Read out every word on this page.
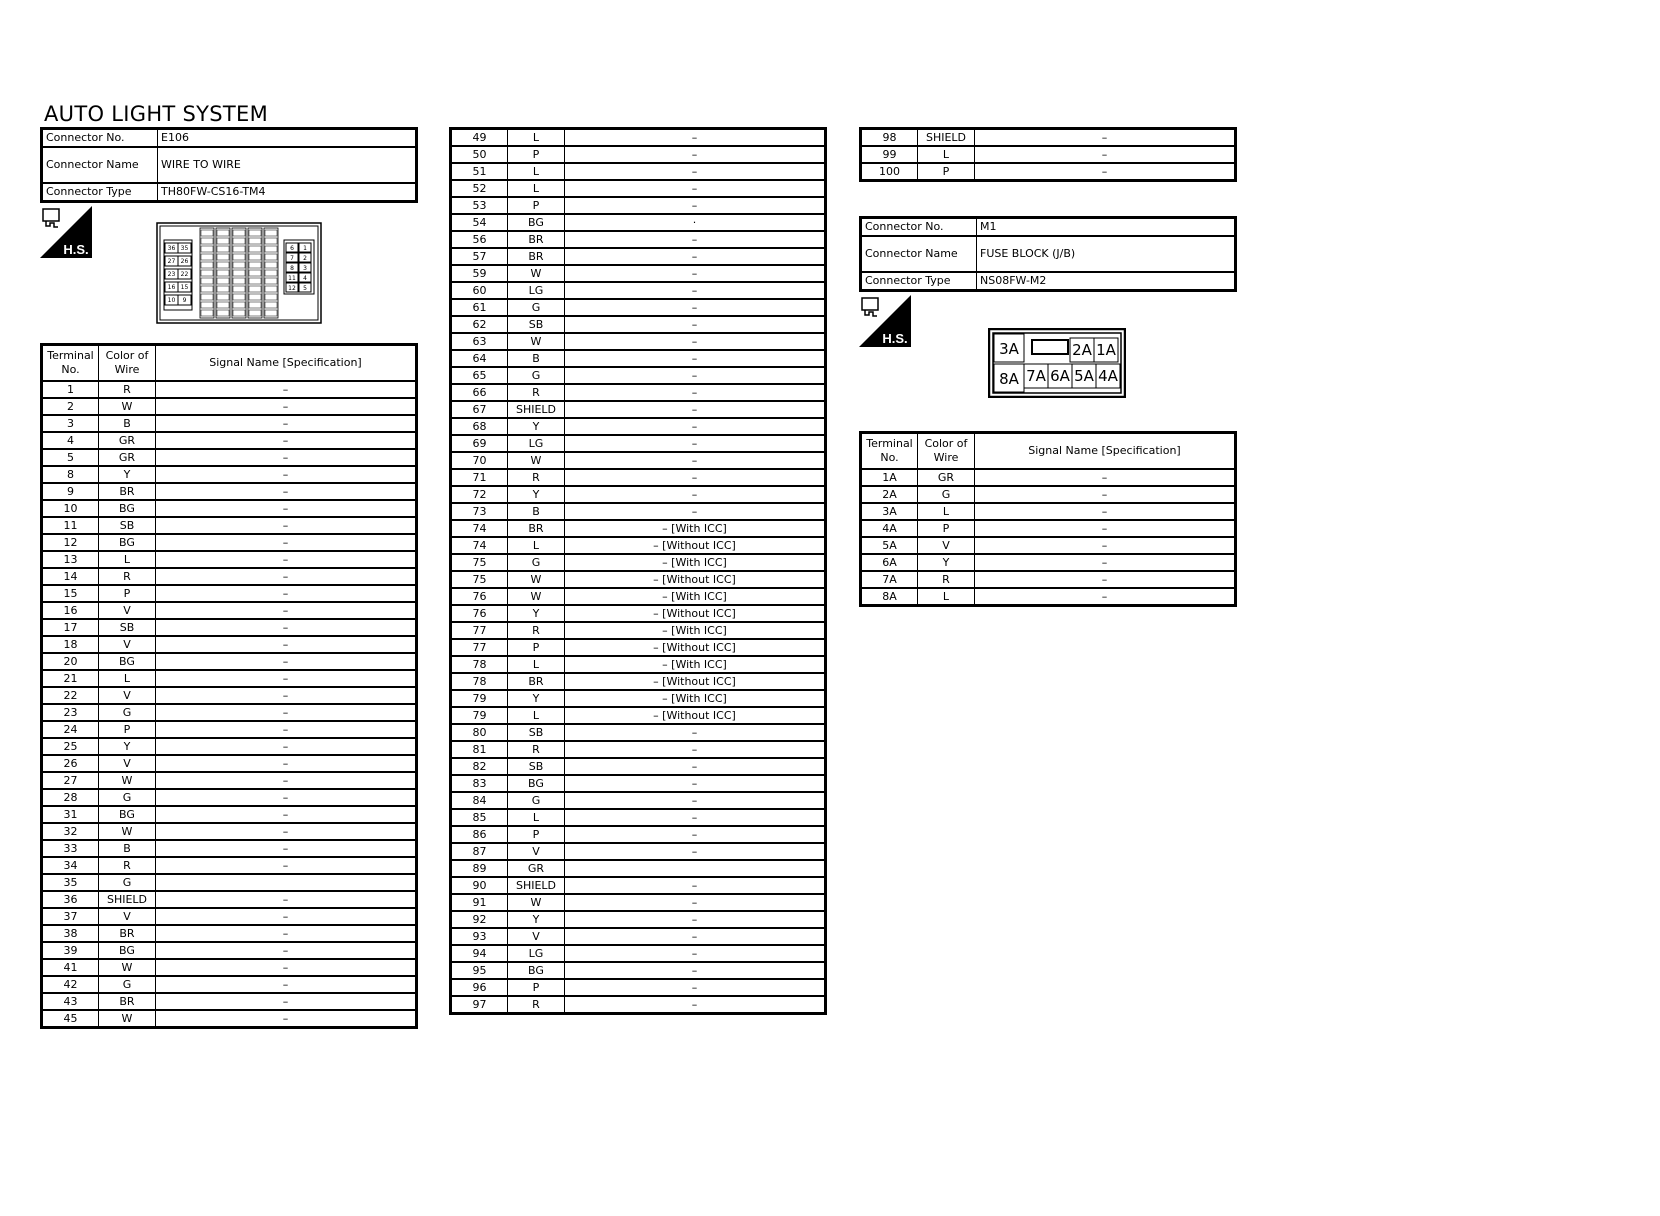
AUTO LIGHT SYSTEM
Connector No.	E106
Connector Name	WIRE TO WIRE
Connector Type	TH80FW-CS16-TM4
H.S.	36 35
27 26
23 22
16 15
10 9
6 1
7 2
8 3
11 4
12 5
Terminal No.	Color of Wire	Signal Name [Specification]
1	R	–
2	W	–
3	B	–
4	GR	–
5	GR	–
8	Y	–
9	BR	–
10	BG	–
11	SB	–
12	BG	–
13	L	–
14	R	–
15	P	–
16	V	–
17	SB	–
18	V	–
20	BG	–
21	L	–
22	V	–
23	G	–
24	P	–
25	Y	–
26	V	–
27	W	–
28	G	–
31	BG	–
32	W	–
33	B	–
34	R	–
35	G	
36	SHIELD	–
37	V	–
38	BR	–
39	BG	–
41	W	–
42	G	–
43	BR	–
45	W	–
49	L	–
50	P	–
51	L	–
52	L	–
53	P	–
54	BG	·
56	BR	–
57	BR	–
59	W	–
60	LG	–
61	G	–
62	SB	–
63	W	–
64	B	–
65	G	–
66	R	–
67	SHIELD	–
68	Y	–
69	LG	–
70	W	–
71	R	–
72	Y	–
73	B	–
74	BR	– [With ICC]
74	L	– [Without ICC]
75	G	– [With ICC]
75	W	– [Without ICC]
76	W	– [With ICC]
76	Y	– [Without ICC]
77	R	– [With ICC]
77	P	– [Without ICC]
78	L	– [With ICC]
78	BR	– [Without ICC]
79	Y	– [With ICC]
79	L	– [Without ICC]
80	SB	–
81	R	–
82	SB	–
83	BG	–
84	G	–
85	L	–
86	P	–
87	V	–
89	GR	
90	SHIELD	–
91	W	–
92	Y	–
93	V	–
94	LG	–
95	BG	–
96	P	–
97	R	–
98	SHIELD	–
99	L	–
100	P	–
Connector No.	M1
Connector Name	FUSE BLOCK (J/B)
Connector Type	NS08FW-M2
H.S.
3A	2A 1A
8A 7A 6A 5A 4A
Terminal No.	Color of Wire	Signal Name [Specification]
1A	GR	–
2A	G	–
3A	L	–
4A	P	–
5A	V	–
6A	Y	–
7A	R	–
8A	L	–
